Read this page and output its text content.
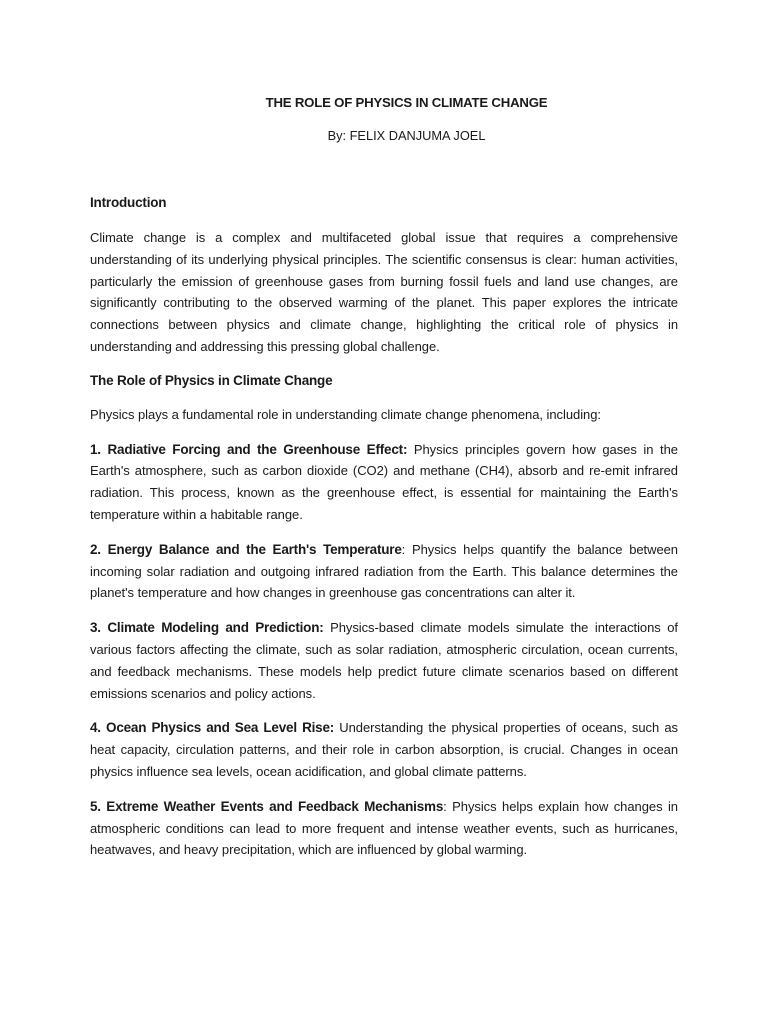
THE ROLE OF PHYSICS IN CLIMATE CHANGE

By: FELIX DANJUMA JOEL

Introduction

Climate change is a complex and multifaceted global issue that requires a comprehensive understanding of its underlying physical principles. The scientific consensus is clear: human activities, particularly the emission of greenhouse gases from burning fossil fuels and land use changes, are significantly contributing to the observed warming of the planet. This paper explores the intricate connections between physics and climate change, highlighting the critical role of physics in understanding and addressing this pressing global challenge.

The Role of Physics in Climate Change

Physics plays a fundamental role in understanding climate change phenomena, including:

1. Radiative Forcing and the Greenhouse Effect: Physics principles govern how gases in the Earth's atmosphere, such as carbon dioxide (CO2) and methane (CH4), absorb and re-emit infrared radiation. This process, known as the greenhouse effect, is essential for maintaining the Earth's temperature within a habitable range.

2. Energy Balance and the Earth's Temperature: Physics helps quantify the balance between incoming solar radiation and outgoing infrared radiation from the Earth. This balance determines the planet's temperature and how changes in greenhouse gas concentrations can alter it.

3. Climate Modeling and Prediction: Physics-based climate models simulate the interactions of various factors affecting the climate, such as solar radiation, atmospheric circulation, ocean currents, and feedback mechanisms. These models help predict future climate scenarios based on different emissions scenarios and policy actions.

4. Ocean Physics and Sea Level Rise: Understanding the physical properties of oceans, such as heat capacity, circulation patterns, and their role in carbon absorption, is crucial. Changes in ocean physics influence sea levels, ocean acidification, and global climate patterns.

5. Extreme Weather Events and Feedback Mechanisms: Physics helps explain how changes in atmospheric conditions can lead to more frequent and intense weather events, such as hurricanes, heatwaves, and heavy precipitation, which are influenced by global warming.
